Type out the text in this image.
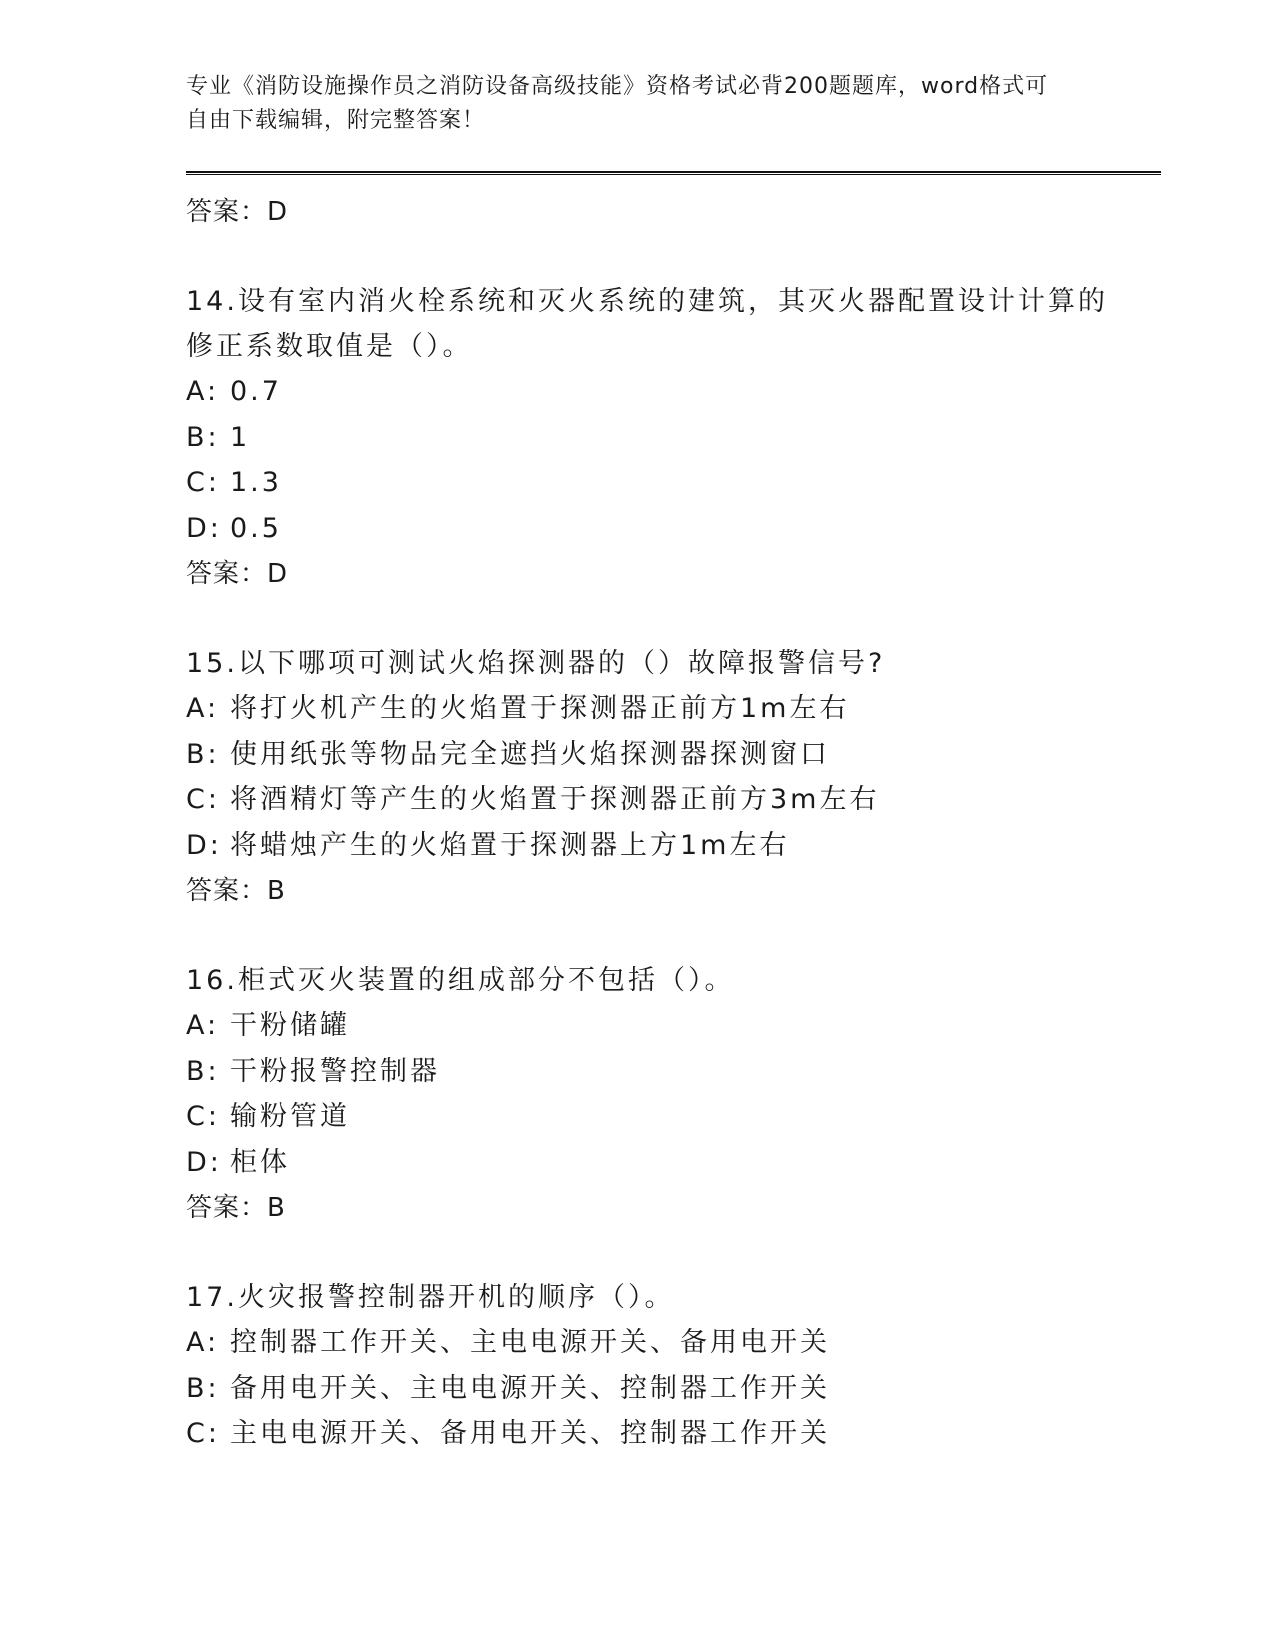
专业《消防设施操作员之消防设备高级技能》资格考试必背200题题库，word格式可自由下载编辑，附完整答案！

答案：D
14.设有室内消火栓系统和灭火系统的建筑，其灭火器配置设计计算的修正系数取值是（）。
A: 0.7
B: 1
C: 1.3
D: 0.5
答案：D
15.以下哪项可测试火焰探测器的（）故障报警信号?
A: 将打火机产生的火焰置于探测器正前方1m左右
B: 使用纸张等物品完全遮挡火焰探测器探测窗口
C: 将酒精灯等产生的火焰置于探测器正前方3m左右
D: 将蜡烛产生的火焰置于探测器上方1m左右
答案：B
16.柜式灭火装置的组成部分不包括（）。
A: 干粉储罐
B: 干粉报警控制器
C: 输粉管道
D: 柜体
答案：B
17.火灾报警控制器开机的顺序（）。
A: 控制器工作开关、主电电源开关、备用电开关
B: 备用电开关、主电电源开关、控制器工作开关
C: 主电电源开关、备用电开关、控制器工作开关
